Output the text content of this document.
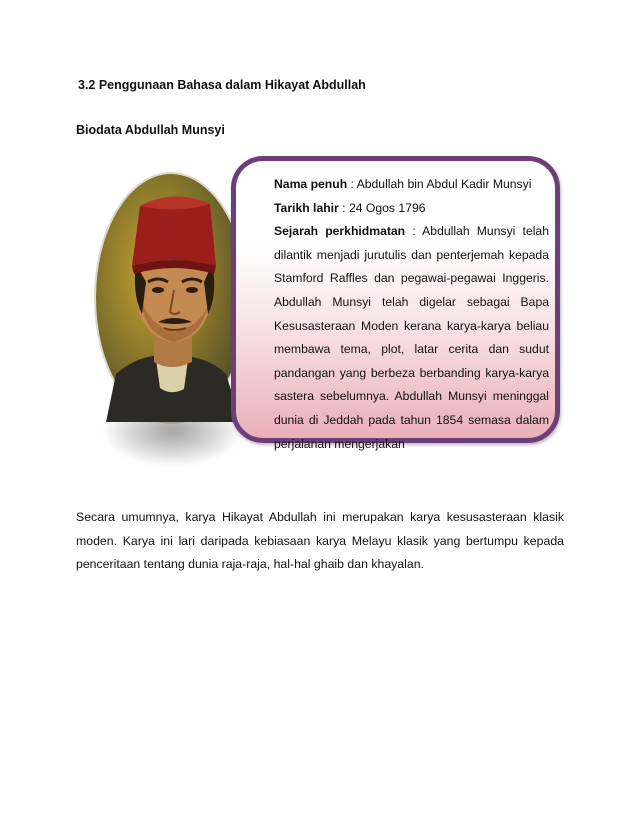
3.2 Penggunaan Bahasa dalam Hikayat Abdullah
Biodata Abdullah Munsyi
Nama penuh : Abdullah bin Abdul Kadir Munsyi
Tarikh lahir : 24 Ogos 1796
Sejarah perkhidmatan : Abdullah Munsyi telah dilantik menjadi jurutulis dan penterjemah kepada Stamford Raffles dan pegawai-pegawai Inggeris. Abdullah Munsyi telah digelar sebagai Bapa Kesusasteraan Moden kerana karya-karya beliau membawa tema, plot, latar cerita dan sudut pandangan yang berbeza berbanding karya-karya sastera sebelumnya. Abdullah Munsyi meninggal dunia di Jeddah pada tahun 1854 semasa dalam perjalanan mengerjakan
Secara umumnya, karya Hikayat Abdullah ini merupakan karya kesusasteraan klasik moden. Karya ini lari daripada kebiasaan karya Melayu klasik yang bertumpu kepada penceritaan tentang dunia raja-raja, hal-hal ghaib dan khayalan.
